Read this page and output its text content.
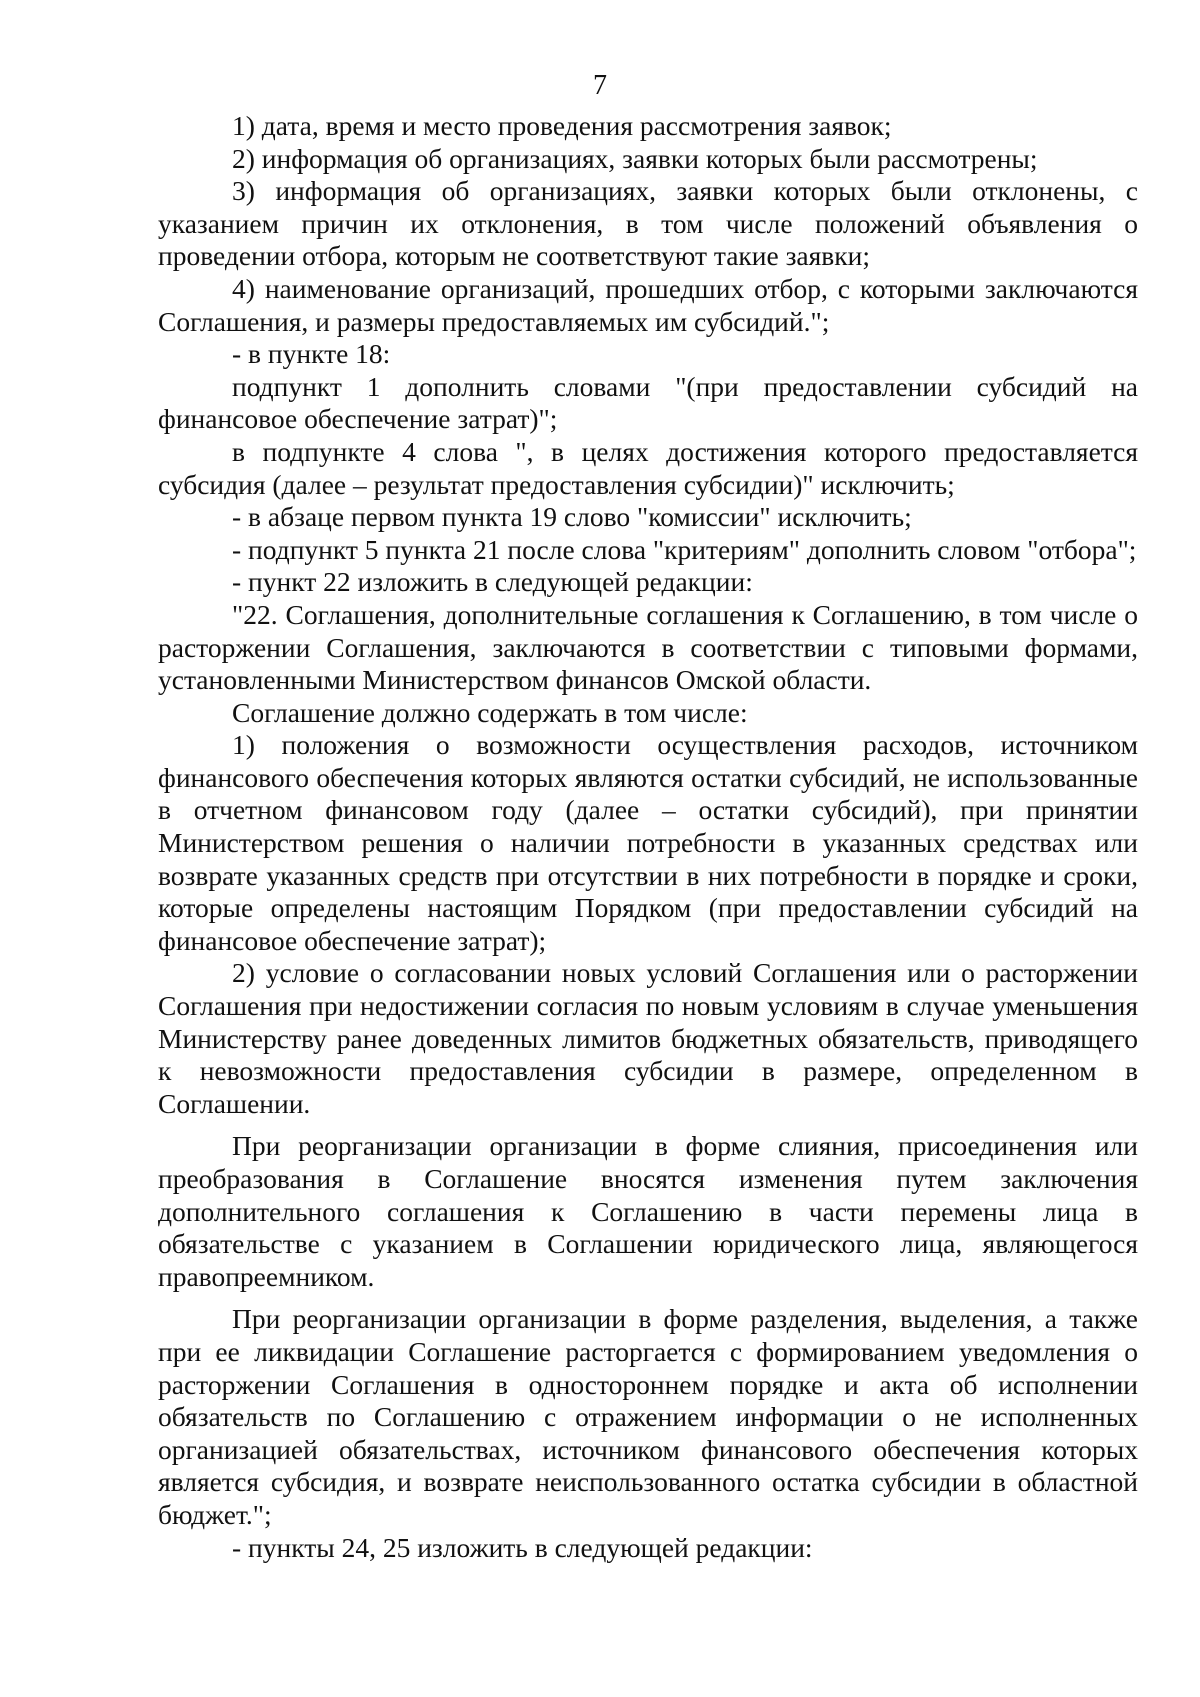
7

1) дата, время и место проведения рассмотрения заявок;

2) информация об организациях, заявки которых были рассмотрены;

3) информация об организациях, заявки которых были отклонены, с указанием причин их отклонения, в том числе положений объявления о проведении отбора, которым не соответствуют такие заявки;

4) наименование организаций, прошедших отбор, с которыми заключаются Соглашения, и размеры предоставляемых им субсидий.";

- в пункте 18:

подпункт 1 дополнить словами "(при предоставлении субсидий на финансовое обеспечение затрат)";

в подпункте 4 слова ", в целях достижения которого предоставляется субсидия (далее – результат предоставления субсидии)" исключить;

- в абзаце первом пункта 19 слово "комиссии" исключить;

- подпункт 5 пункта 21 после слова "критериям" дополнить словом "отбора";

- пункт 22 изложить в следующей редакции:

"22. Соглашения, дополнительные соглашения к Соглашению, в том числе о расторжении Соглашения, заключаются в соответствии с типовыми формами, установленными Министерством финансов Омской области.

Соглашение должно содержать в том числе:

1) положения о возможности осуществления расходов, источником финансового обеспечения которых являются остатки субсидий, не использованные в отчетном финансовом году (далее – остатки субсидий), при принятии Министерством решения о наличии потребности в указанных средствах или возврате указанных средств при отсутствии в них потребности в порядке и сроки, которые определены настоящим Порядком (при предоставлении субсидий на финансовое обеспечение затрат);

2) условие о согласовании новых условий Соглашения или о расторжении Соглашения при недостижении согласия по новым условиям в случае уменьшения Министерству ранее доведенных лимитов бюджетных обязательств, приводящего к невозможности предоставления субсидии в размере, определенном в Соглашении.

При реорганизации организации в форме слияния, присоединения или преобразования в Соглашение вносятся изменения путем заключения дополнительного соглашения к Соглашению в части перемены лица в обязательстве с указанием в Соглашении юридического лица, являющегося правопреемником.

При реорганизации организации в форме разделения, выделения, а также при ее ликвидации Соглашение расторгается с формированием уведомления о расторжении Соглашения в одностороннем порядке и акта об исполнении обязательств по Соглашению с отражением информации о не исполненных организацией обязательствах, источником финансового обеспечения которых является субсидия, и возврате неиспользованного остатка субсидии в областной бюджет.";

- пункты 24, 25 изложить в следующей редакции:
